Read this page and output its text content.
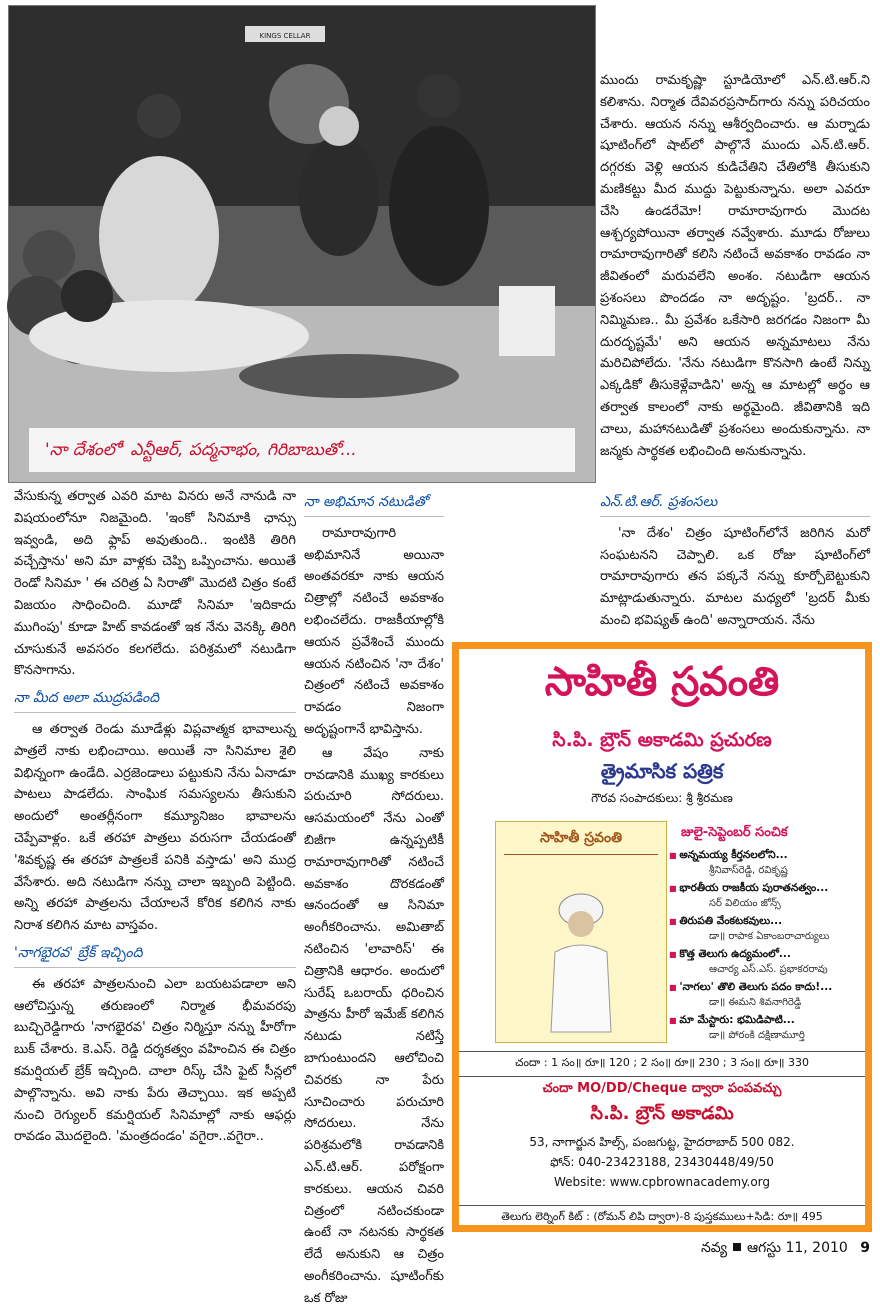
KINGS CELLAR
'నా దేశంలో' ఎన్టీఆర్, పద్మనాభం, గిరిబాబుతో...

ముందు రామకృష్ణా స్టూడియోలో ఎన్.టి.ఆర్.ని కలిశాను. నిర్మాత దేవివరప్రసాద్‌గారు నన్ను పరిచయం చేశారు. ఆయన నన్ను ఆశీర్వదించారు. ఆ మర్నాడు షూటింగ్‌లో షాట్‌లో పాల్గొనే ముందు ఎన్.టి.ఆర్. దగ్గరకు వెళ్లి ఆయన కుడిచేతిని చేతిలోకి తీసుకుని మణికట్టు మీద ముద్దు పెట్టుకున్నాను. అలా ఎవరూ చేసి ఉండరేమో! రామారావుగారు మొదట ఆశ్చర్యపోయినా తర్వాత నవ్వేశారు. మూడు రోజులు రామారావుగారితో కలిసి నటించే అవకాశం రావడం నా జీవితంలో మరువలేని అంశం. నటుడిగా ఆయన ప్రశంసలు పొందడం నా అదృష్టం. 'బ్రదర్.. నా నిమ్మిమణ.. మీ ప్రవేశం ఒకేసారి జరగడం నిజంగా మీ దురదృష్టమే' అని ఆయన అన్నమాటలు నేను మరిచిపోలేదు. 'నేను నటుడిగా కొనసాగి ఉంటే నిన్ను ఎక్కడికో తీసుకెళ్లేవాడిని' అన్న ఆ మాటల్లో అర్థం ఆ తర్వాత కాలంలో నాకు అర్థమైంది. జీవితానికి ఇది చాలు, మహానటుడితో ప్రశంసలు అందుకున్నాను. నా జన్మకు సార్థకత లభించింది అనుకున్నాను.

వేసుకున్న తర్వాత ఎవరి మాట వినరు అనే నానుడి నా విషయంలోనూ నిజమైంది. 'ఇంకో సినిమాకి ఛాన్సు ఇవ్వండి, అది ఫ్లాప్ అవుతుంది.. ఇంటికి తిరిగి వచ్చేస్తాను' అని మా వాళ్లకు చెప్పి ఒప్పించాను. అయితే రెండో సినిమా ' ఈ చరిత్ర ఏ సిరాతో' మొదటి చిత్రం కంటే విజయం సాధించింది. మూడో సినిమా 'ఇదికాదు ముగింపు' కూడా హిట్ కావడంతో ఇక నేను వెనక్కి తిరిగి చూసుకునే అవసరం కలగలేదు. పరిశ్రమలో నటుడిగా కొనసాగాను.

నా మీద అలా ముద్రపడింది

ఆ తర్వాత రెండు మూడేళ్లు విప్లవాత్మక భావాలున్న పాత్రలే నాకు లభించాయి. అయితే నా సినిమాల శైలి విభిన్నంగా ఉండేది. ఎర్రజెండాలు పట్టుకుని నేను ఏనాడూ పాటలు పాడలేదు. సాంఘిక సమస్యలను తీసుకుని అందులో అంతర్లీనంగా కమ్యూనిజం భావాలను చెప్పేవాళ్లం. ఒకే తరహా పాత్రలు వరుసగా చేయడంతో 'శివకృష్ణ ఈ తరహా పాత్రలకే పనికి వస్తాడు' అని ముద్ర వేసేశారు. అది నటుడిగా నన్ను చాలా ఇబ్బంది పెట్టింది. అన్ని తరహా పాత్రలను చేయాలనే కోరిక కలిగిన నాకు నిరాశ కలిగిన మాట వాస్తవం.

'నాగభైరవ' బ్రేక్ ఇచ్చింది

ఈ తరహా పాత్రలనుంచి ఎలా బయటపడాలా అని ఆలోచిస్తున్న తరుణంలో నిర్మాత భీమవరపు బుచ్చిరెడ్డిగారు 'నాగభైరవ' చిత్రం నిర్మిస్తూ నన్ను హీరోగా బుక్ చేశారు. కె.ఎస్. రెడ్డి దర్శకత్వం వహించిన ఈ చిత్రం కమర్షియల్ బ్రేక్ ఇచ్చింది. చాలా రిస్క్ చేసి ఫైట్ సీన్లలో పాల్గొన్నాను. అవి నాకు పేరు తెచ్చాయి. ఇక అప్పటి నుంచి రెగ్యులర్ కమర్షియల్ సినిమాల్లో నాకు ఆఫర్లు రావడం మొదలైంది. 'మంత్రదండం' వగైరా..వగైరా..

నా అభిమాన నటుడితో

రామారావుగారి అభిమానినే అయినా అంతవరకూ నాకు ఆయన చిత్రాల్లో నటించే అవకాశం లభించలేదు. రాజకీయాల్లోకి ఆయన ప్రవేశించే ముందు ఆయన నటించిన 'నా దేశం' చిత్రంలో నటించే అవకాశం రావడం నిజంగా అదృష్టంగానే భావిస్తాను.

ఆ వేషం నాకు రావడానికి ముఖ్య కారకులు పరుచూరి సోదరులు. ఆసమయంలో నేను ఎంతో బిజీగా ఉన్నప్పటికీ రామారావుగారితో నటించే అవకాశం దొరకడంతో ఆనందంతో ఆ సినిమా అంగీకరించాను. అమితాబ్ నటించిన 'లావారిస్' ఈ చిత్రానికి ఆధారం. అందులో సురేష్ ఒబరాయ్ ధరించిన పాత్రను హీరో ఇమేజ్ కలిగిన నటుడు నటిస్తే బాగుంటుందని ఆలోచించి చివరకు నా పేరు సూచించారు పరుచూరి సోదరులు. నేను పరిశ్రమలోకి రావడానికి ఎన్.టి.ఆర్. పరోక్షంగా కారకులు. ఆయన చివరి చిత్రంలో నటించకుండా ఉంటే నా నటనకు సార్థకత లేదే అనుకుని ఆ చిత్రం అంగీకరించాను. షూటింగ్‌కు ఒక రోజు

ఎన్.టి.ఆర్. ప్రశంసలు

'నా దేశం' చిత్రం షూటింగ్‌లోనే జరిగిన మరో సంఘటనని చెప్పాలి. ఒక రోజు షూటింగ్‌లో రామారావుగారు తన పక్కనే నన్ను కూర్చోబెట్టుకుని మాట్లాడుతున్నారు. మాటల మధ్యలో 'బ్రదర్ మీకు మంచి భవిష్యత్ ఉంది' అన్నారాయన. నేను

సాహితీ స్రవంతి
సి.పి. బ్రౌన్ అకాడమి ప్రచురణ
త్రైమాసిక పత్రిక
గౌరవ సంపాదకులు: శ్రీ శ్రీరమణ
సాహితీ స్రవంతి	జులై-సెప్టెంబర్ సంచిక
■ అన్నమయ్య కీర్తనలలోని...
శ్రీనివాస్‌రెడ్డి, రవికృష్ణ
■ భారతీయ రాజకీయ పురాతనత్వం...
సర్ విలియం జోన్స్
■ తిరుపతి వేంకటకవులు...
డా॥ రాపాక ఏకాంబరాచార్యులు
■ కొత్త తెలుగు ఉద్యమంలో...
ఆచార్య ఎస్.ఎస్. ప్రభాకరరావు
■ 'నాగలు' తొలి తెలుగు పదం కాదు!...
డా॥ ఈమని శివనాగిరెడ్డి
■ మా మేస్టారు: భమిడిపాటి...
డా॥ పోరంకి దక్షిణామూర్తి
చందా : 1 సం॥ రూ॥ 120 ; 2 సం॥ రూ॥ 230 ; 3 సం॥ రూ॥ 330
చందా MO/DD/Cheque ద్వారా పంపవచ్చు
సి.పి. బ్రౌన్ అకాడమి
53, నాగార్జున హిల్స్, పంజగుట్ట, హైదరాబాద్ 500 082.
ఫోన్: 040-23423188, 23430448/49/50
Website: www.cpbrownacademy.org
తెలుగు లెర్నింగ్ కిట్ : (రోమన్ లిపి ద్వారా)-8 పుస్తకములు+సిడి: రూ॥ 495
నవ్య ఆగస్టు 11, 2010 9
